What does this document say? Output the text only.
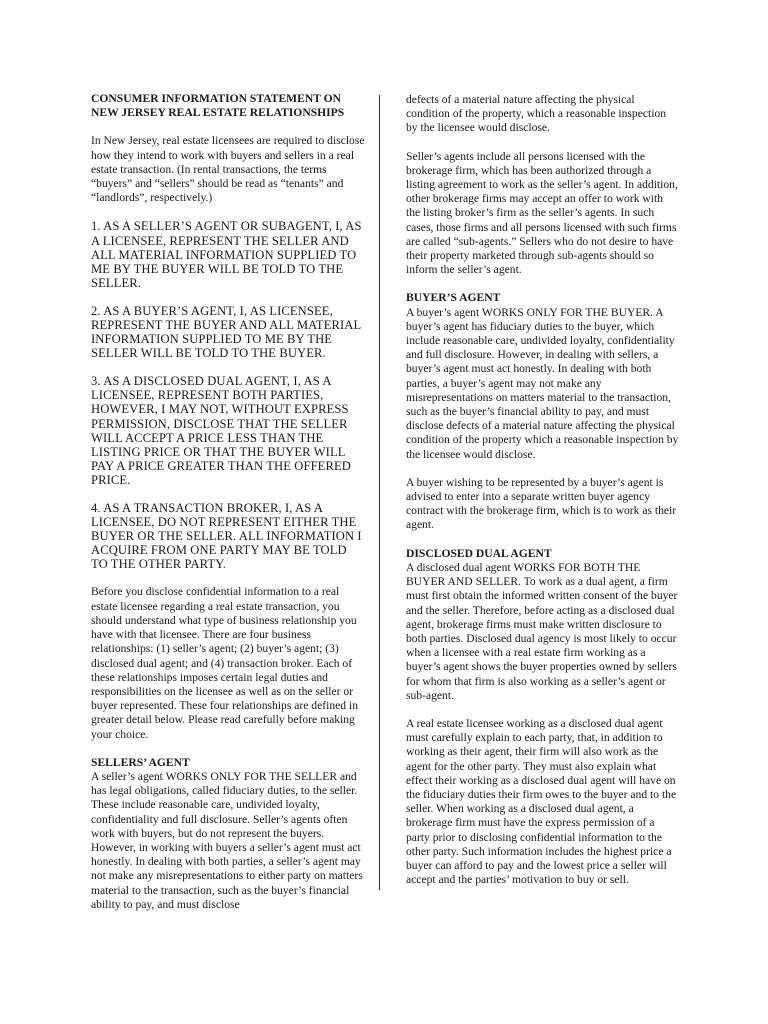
CONSUMER INFORMATION STATEMENT ON NEW JERSEY REAL ESTATE RELATIONSHIPS

In New Jersey, real estate licensees are required to disclose how they intend to work with buyers and sellers in a real estate transaction. (In rental transactions, the terms “buyers” and “sellers” should be read as “tenants” and “landlords”, respectively.)

1. AS A SELLER’S AGENT OR SUBAGENT, I, AS A LICENSEE, REPRESENT THE SELLER AND ALL MATERIAL INFORMATION SUPPLIED TO ME BY THE BUYER WILL BE TOLD TO THE SELLER.

2. AS A BUYER’S AGENT, I, AS LICENSEE, REPRESENT THE BUYER AND ALL MATERIAL INFORMATION SUPPLIED TO ME BY THE SELLER WILL BE TOLD TO THE BUYER.

3. AS A DISCLOSED DUAL AGENT, I, AS A LICENSEE, REPRESENT BOTH PARTIES, HOWEVER, I MAY NOT, WITHOUT EXPRESS PERMISSION, DISCLOSE THAT THE SELLER WILL ACCEPT A PRICE LESS THAN THE LISTING PRICE OR THAT THE BUYER WILL PAY A PRICE GREATER THAN THE OFFERED PRICE.

4. AS A TRANSACTION BROKER, I, AS A LICENSEE, DO NOT REPRESENT EITHER THE BUYER OR THE SELLER. ALL INFORMATION I ACQUIRE FROM ONE PARTY MAY BE TOLD TO THE OTHER PARTY.

Before you disclose confidential information to a real estate licensee regarding a real estate transaction, you should understand what type of business relationship you have with that licensee. There are four business relationships: (1) seller’s agent; (2) buyer’s agent; (3) disclosed dual agent; and (4) transaction broker. Each of these relationships imposes certain legal duties and responsibilities on the licensee as well as on the seller or buyer represented. These four relationships are defined in greater detail below. Please read carefully before making your choice.

SELLERS’ AGENT
A seller’s agent WORKS ONLY FOR THE SELLER and has legal obligations, called fiduciary duties, to the seller. These include reasonable care, undivided loyalty, confidentiality and full disclosure. Seller’s agents often work with buyers, but do not represent the buyers. However, in working with buyers a seller’s agent must act honestly. In dealing with both parties, a seller’s agent may not make any misrepresentations to either party on matters material to the transaction, such as the buyer’s financial ability to pay, and must disclose

defects of a material nature affecting the physical condition of the property, which a reasonable inspection by the licensee would disclose.

Seller’s agents include all persons licensed with the brokerage firm, which has been authorized through a listing agreement to work as the seller’s agent. In addition, other brokerage firms may accept an offer to work with the listing broker’s firm as the seller’s agents. In such cases, those firms and all persons licensed with such firms are called “sub-agents.” Sellers who do not desire to have their property marketed through sub-agents should so inform the seller’s agent.

BUYER’S AGENT
A buyer’s agent WORKS ONLY FOR THE BUYER. A buyer’s agent has fiduciary duties to the buyer, which include reasonable care, undivided loyalty, confidentiality and full disclosure. However, in dealing with sellers, a buyer’s agent must act honestly. In dealing with both parties, a buyer’s agent may not make any misrepresentations on matters material to the transaction, such as the buyer’s financial ability to pay, and must disclose defects of a material nature affecting the physical condition of the property which a reasonable inspection by the licensee would disclose.

A buyer wishing to be represented by a buyer’s agent is advised to enter into a separate written buyer agency contract with the brokerage firm, which is to work as their agent.

DISCLOSED DUAL AGENT
A disclosed dual agent WORKS FOR BOTH THE BUYER AND SELLER. To work as a dual agent, a firm must first obtain the informed written consent of the buyer and the seller. Therefore, before acting as a disclosed dual agent, brokerage firms must make written disclosure to both parties. Disclosed dual agency is most likely to occur when a licensee with a real estate firm working as a buyer’s agent shows the buyer properties owned by sellers for whom that firm is also working as a seller’s agent or sub-agent.

A real estate licensee working as a disclosed dual agent must carefully explain to each party, that, in addition to working as their agent, their firm will also work as the agent for the other party. They must also explain what effect their working as a disclosed dual agent will have on the fiduciary duties their firm owes to the buyer and to the seller. When working as a disclosed dual agent, a brokerage firm must have the express permission of a party prior to disclosing confidential information to the other party. Such information includes the highest price a buyer can afford to pay and the lowest price a seller will accept and the parties’ motivation to buy or sell.
